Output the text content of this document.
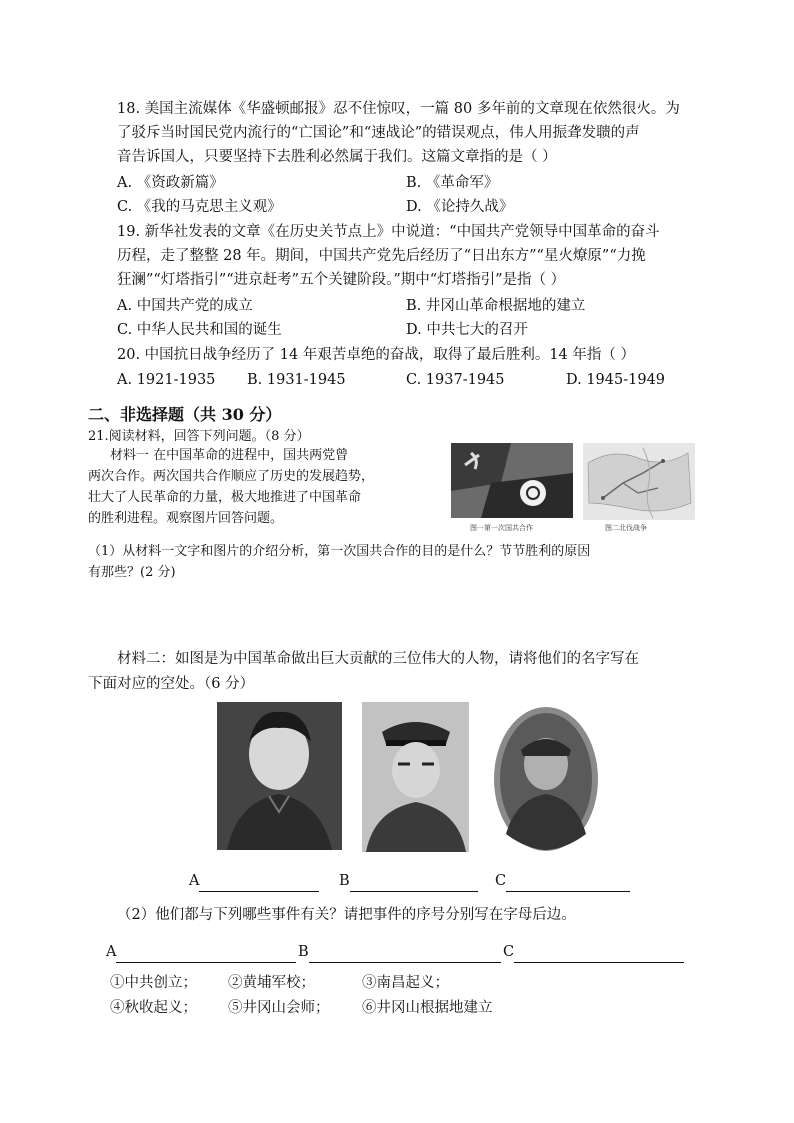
18. 美国主流媒体《华盛顿邮报》忍不住惊叹，一篇 80 多年前的文章现在依然很火。为
了驳斥当时国民党内流行的“亡国论”和“速战论”的错误观点，伟人用振聋发聩的声
音告诉国人，只要坚持下去胜利必然属于我们。这篇文章指的是（ ）
A. 《资政新篇》	B. 《革命军》
C. 《我的马克思主义观》	D. 《论持久战》
19. 新华社发表的文章《在历史关节点上》中说道：“中国共产党领导中国革命的奋斗
历程，走了整整 28 年。期间，中国共产党先后经历了“日出东方”“星火燎原”“力挽
狂澜”“灯塔指引”“进京赶考”五个关键阶段。”期中“灯塔指引”是指（ ）
A. 中国共产党的成立	B. 井冈山革命根据地的建立
C. 中华人民共和国的诞生	D. 中共七大的召开
20. 中国抗日战争经历了 14 年艰苦卓绝的奋战，取得了最后胜利。14 年指（ ）
A. 1921-1935 B. 1931-1945	C. 1937-1945	D. 1945-1949
二、非选择题（共 30 分）
21.阅读材料，回答下列问题。（8 分）
材料一 在中国革命的进程中，国共两党曾
两次合作。两次国共合作顺应了历史的发展趋势，
壮大了人民革命的力量，极大地推进了中国革命
的胜利进程。观察图片回答问题。
图一第一次国共合作	图二北伐战争
（1）从材料一文字和图片的介绍分析，第一次国共合作的目的是什么？节节胜利的原因
有那些？(2 分)
材料二：如图是为中国革命做出巨大贡献的三位伟大的人物，请将他们的名字写在
下面对应的空处。（6 分）
A	B	C
（2）他们都与下列哪些事件有关？请把事件的序号分别写在字母后边。
A	B	C
①中共创立； ②黄埔军校；	③南昌起义；
④秋收起义； ⑤井冈山会师； ⑥井冈山根据地建立
